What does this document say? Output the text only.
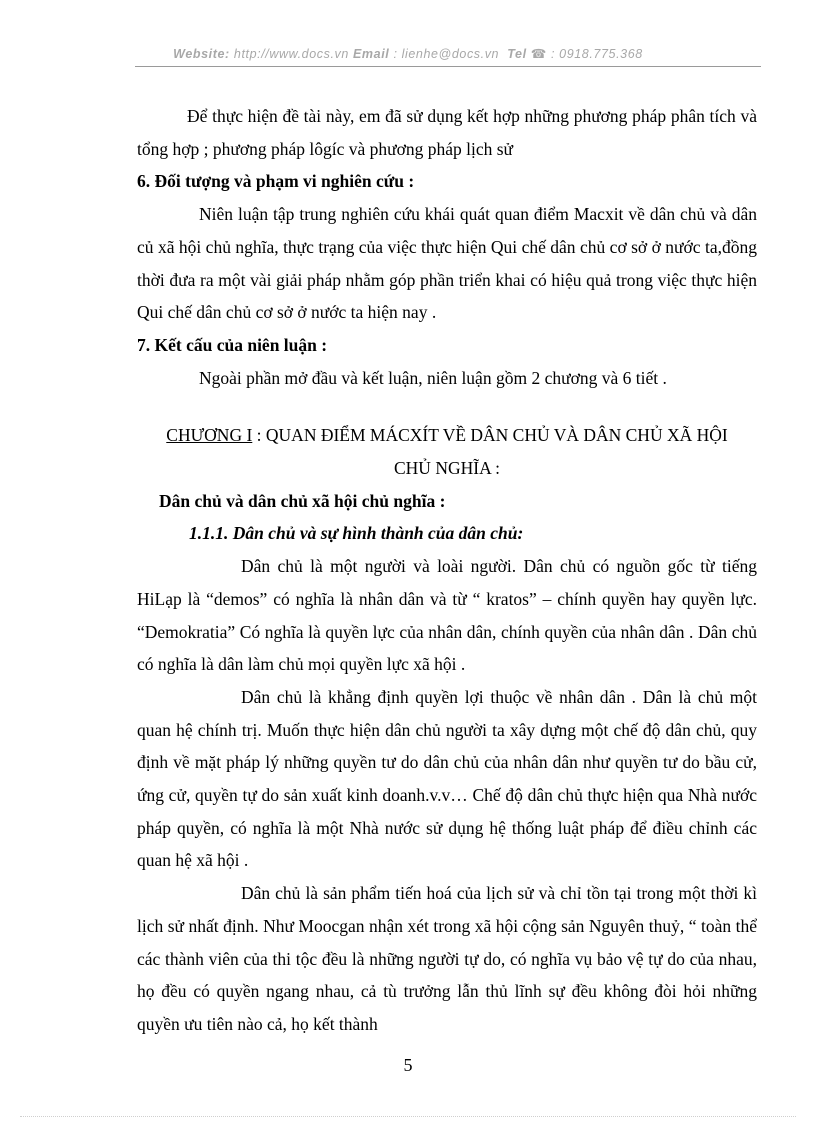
Website: http://www.docs.vn Email : lienhe@docs.vn Tel ☎ : 0918.775.368

Để thực hiện đề tài này, em đã sử dụng kết hợp những phương pháp phân tích và tổng hợp ; phương pháp lôgíc và phương pháp lịch sử

6. Đối tượng và phạm vi nghiên cứu :

Niên luận tập trung nghiên cứu khái quát quan điểm Macxit về dân chủ và dân củ xã hội chủ nghĩa, thực trạng của việc thực hiện Qui chế dân chủ cơ sở ở nước ta,đồng thời đưa ra một vài giải pháp nhằm góp phần triển khai có hiệu quả trong việc thực hiện Qui chế dân chủ cơ sở ở nước ta hiện nay .

7. Kết cấu của niên luận :

Ngoài phần mở đầu và kết luận, niên luận gồm 2 chương và 6 tiết .

CHƯƠNG I : QUAN ĐIỂM MÁCXÍT VỀ DÂN CHỦ VÀ DÂN CHỦ XÃ HỘI
CHỦ NGHĨA :

Dân chủ và dân chủ xã hội chủ nghĩa :

1.1.1. Dân chủ và sự hình thành của dân chủ:

Dân chủ là một người và loài người. Dân chủ có nguồn gốc từ tiếng HiLạp là “demos” có nghĩa là nhân dân và từ “ kratos” – chính quyền hay quyền lực. “Demokratia” Có nghĩa là quyền lực của nhân dân, chính quyền của nhân dân . Dân chủ có nghĩa là dân làm chủ mọi quyền lực xã hội .

Dân chủ là khẳng định quyền lợi thuộc về nhân dân . Dân là chủ một quan hệ chính trị. Muốn thực hiện dân chủ người ta xây dựng một chế độ dân chủ, quy định về mặt pháp lý những quyền tư do dân chủ của nhân dân như quyền tư do bầu cử, ứng cử, quyền tự do sản xuất kinh doanh.v.v… Chế độ dân chủ thực hiện qua Nhà nước pháp quyền, có nghĩa là một Nhà nước sử dụng hệ thống luật pháp để điều chỉnh các quan hệ xã hội .

Dân chủ là sản phẩm tiến hoá của lịch sử và chỉ tồn tại trong một thời kì lịch sử nhất định. Như Moocgan nhận xét trong xã hội cộng sản Nguyên thuỷ, “ toàn thể các thành viên của thi tộc đều là những người tự do, có nghĩa vụ bảo vệ tự do của nhau, họ đều có quyền ngang nhau, cả tù trưởng lẫn thủ lĩnh sự đều không đòi hỏi những quyền ưu tiên nào cả, họ kết thành

5
